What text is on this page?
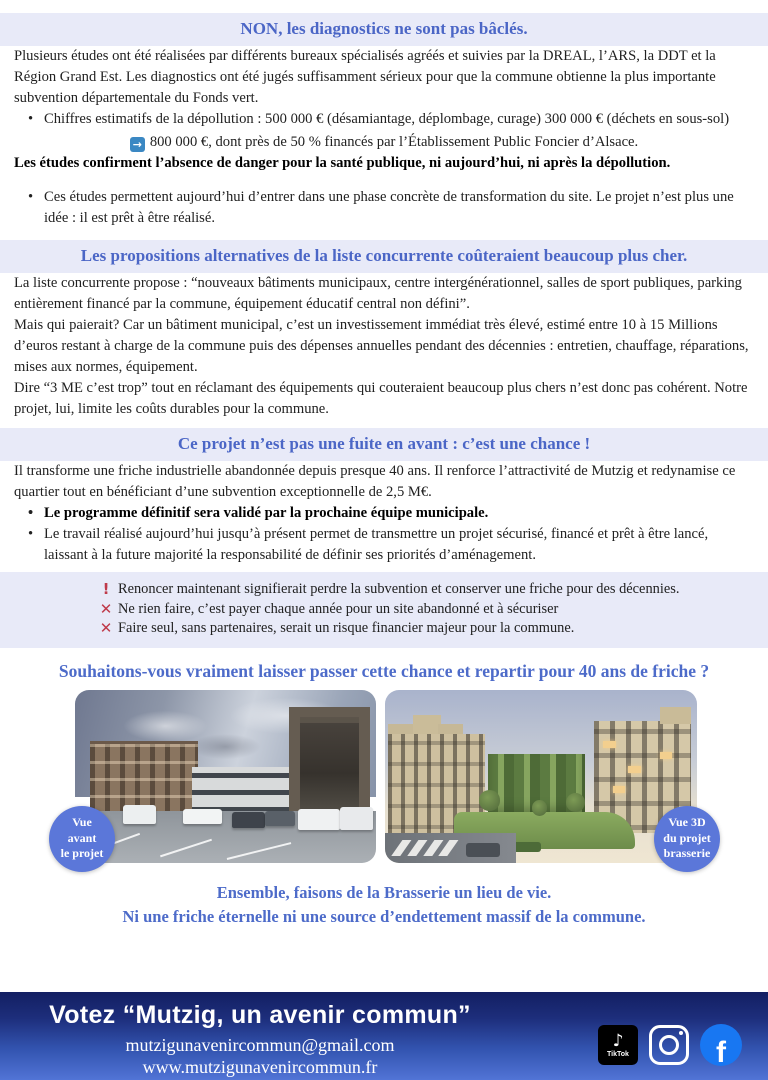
NON, les diagnostics ne sont pas bâclés.

Plusieurs études ont été réalisées par différents bureaux spécialisés agréés et suivies par la DREAL, l’ARS, la DDT et la Région Grand Est. Les diagnostics ont été jugés suffisamment sérieux pour que la commune obtienne la plus importante subvention départementale du Fonds vert.

• Chiffres estimatifs de la dépollution : 500 000 € (désamiantage, déplombage, curage) 300 000 € (déchets en sous-sol)
→ 800 000 €, dont près de 50 % financés par l’Établissement Public Foncier d’Alsace.

Les études confirment l’absence de danger pour la santé publique, ni aujourd’hui, ni après la dépollution.

• Ces études permettent aujourd’hui d’entrer dans une phase concrète de transformation du site. Le projet n’est plus une idée : il est prêt à être réalisé.
Les propositions alternatives de la liste concurrente coûteraient beaucoup plus cher.

La liste concurrente propose : “nouveaux bâtiments municipaux, centre intergénérationnel, salles de sport publiques, parking entièrement financé par la commune, équipement éducatif central non défini”.

Mais qui paierait? Car un bâtiment municipal, c’est un investissement immédiat très élevé, estimé entre 10 à 15 Millions d’euros restant à charge de la commune puis des dépenses annuelles pendant des décennies : entretien, chauffage, réparations, mises aux normes, équipement.

Dire “3 ME c’est trop” tout en réclamant des équipements qui couteraient beaucoup plus chers n’est donc pas cohérent. Notre projet, lui, limite les coûts durables pour la commune.

Ce projet n’est pas une fuite en avant : c’est une chance !

Il transforme une friche industrielle abandonnée depuis presque 40 ans. Il renforce l’attractivité de Mutzig et redynamise ce quartier tout en bénéficiant d’une subvention exceptionnelle de 2,5 M€.

• Le programme définitif sera validé par la prochaine équipe municipale.
• Le travail réalisé aujourd’hui jusqu’à présent permet de transmettre un projet sécurisé, financé et prêt à être lancé, laissant à la future majorité la responsabilité de définir ses priorités d’aménagement.
! Renoncer maintenant signifierait perdre la subvention et conserver une friche pour des décennies.
✕ Ne rien faire, c’est payer chaque année pour un site abandonné et à sécuriser
✕ Faire seul, sans partenaires, serait un risque financier majeur pour la commune.
Souhaitons-vous vraiment laisser passer cette chance et repartir pour 40 ans de friche ?
Vue
avant
le projet
Vue 3D
du projet
brasserie
Ensemble, faisons de la Brasserie un lieu de vie.
Ni une friche éternelle ni une source d’endettement massif de la commune.
Votez “Mutzig, un avenir commun”
mutzigunavenircommun@gmail.com
www.mutzigunavenircommun.fr
♪
TikTok	f
